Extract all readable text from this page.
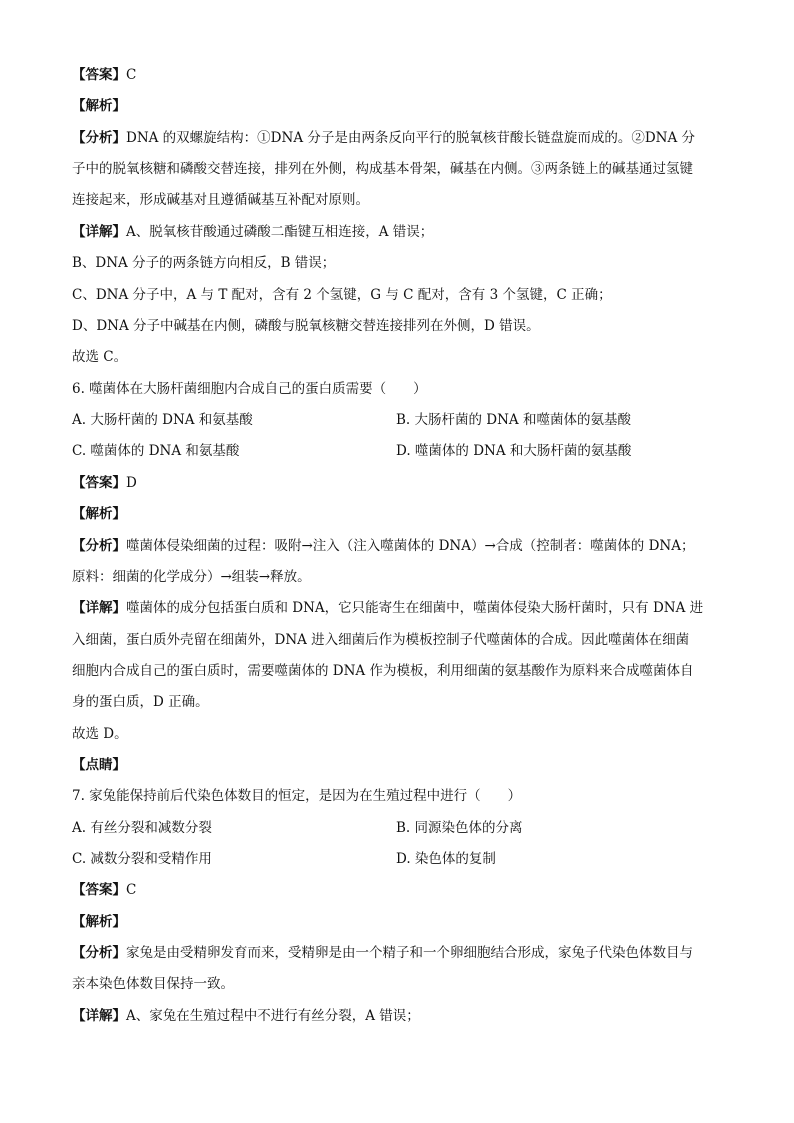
【答案】C
【解析】
【分析】DNA 的双螺旋结构：①DNA 分子是由两条反向平行的脱氧核苷酸长链盘旋而成的。②DNA 分
子中的脱氧核糖和磷酸交替连接，排列在外侧，构成基本骨架，碱基在内侧。③两条链上的碱基通过氢键
连接起来，形成碱基对且遵循碱基互补配对原则。
【详解】A、脱氧核苷酸通过磷酸二酯键互相连接，A 错误；
B、DNA 分子的两条链方向相反，B 错误；
C、DNA 分子中，A 与 T 配对，含有 2 个氢键，G 与 C 配对，含有 3 个氢键，C 正确；
D、DNA 分子中碱基在内侧，磷酸与脱氧核糖交替连接排列在外侧，D 错误。
故选 C。
6. 噬菌体在大肠杆菌细胞内合成自己的蛋白质需要（　　）
A. 大肠杆菌的 DNA 和氨基酸	B. 大肠杆菌的 DNA 和噬菌体的氨基酸
C. 噬菌体的 DNA 和氨基酸	D. 噬菌体的 DNA 和大肠杆菌的氨基酸
【答案】D
【解析】
【分析】噬菌体侵染细菌的过程：吸附→注入（注入噬菌体的 DNA）→合成（控制者：噬菌体的 DNA；
原料：细菌的化学成分）→组装→释放。
【详解】噬菌体的成分包括蛋白质和 DNA，它只能寄生在细菌中，噬菌体侵染大肠杆菌时，只有 DNA 进
入细菌，蛋白质外壳留在细菌外，DNA 进入细菌后作为模板控制子代噬菌体的合成。因此噬菌体在细菌
细胞内合成自己的蛋白质时，需要噬菌体的 DNA 作为模板，利用细菌的氨基酸作为原料来合成噬菌体自
身的蛋白质，D 正确。
故选 D。
【点睛】
7. 家兔能保持前后代染色体数目的恒定，是因为在生殖过程中进行（　　）
A. 有丝分裂和减数分裂	B. 同源染色体的分离
C. 减数分裂和受精作用	D. 染色体的复制
【答案】C
【解析】
【分析】家兔是由受精卵发育而来，受精卵是由一个精子和一个卵细胞结合形成，家兔子代染色体数目与
亲本染色体数目保持一致。
【详解】A、家兔在生殖过程中不进行有丝分裂，A 错误；
